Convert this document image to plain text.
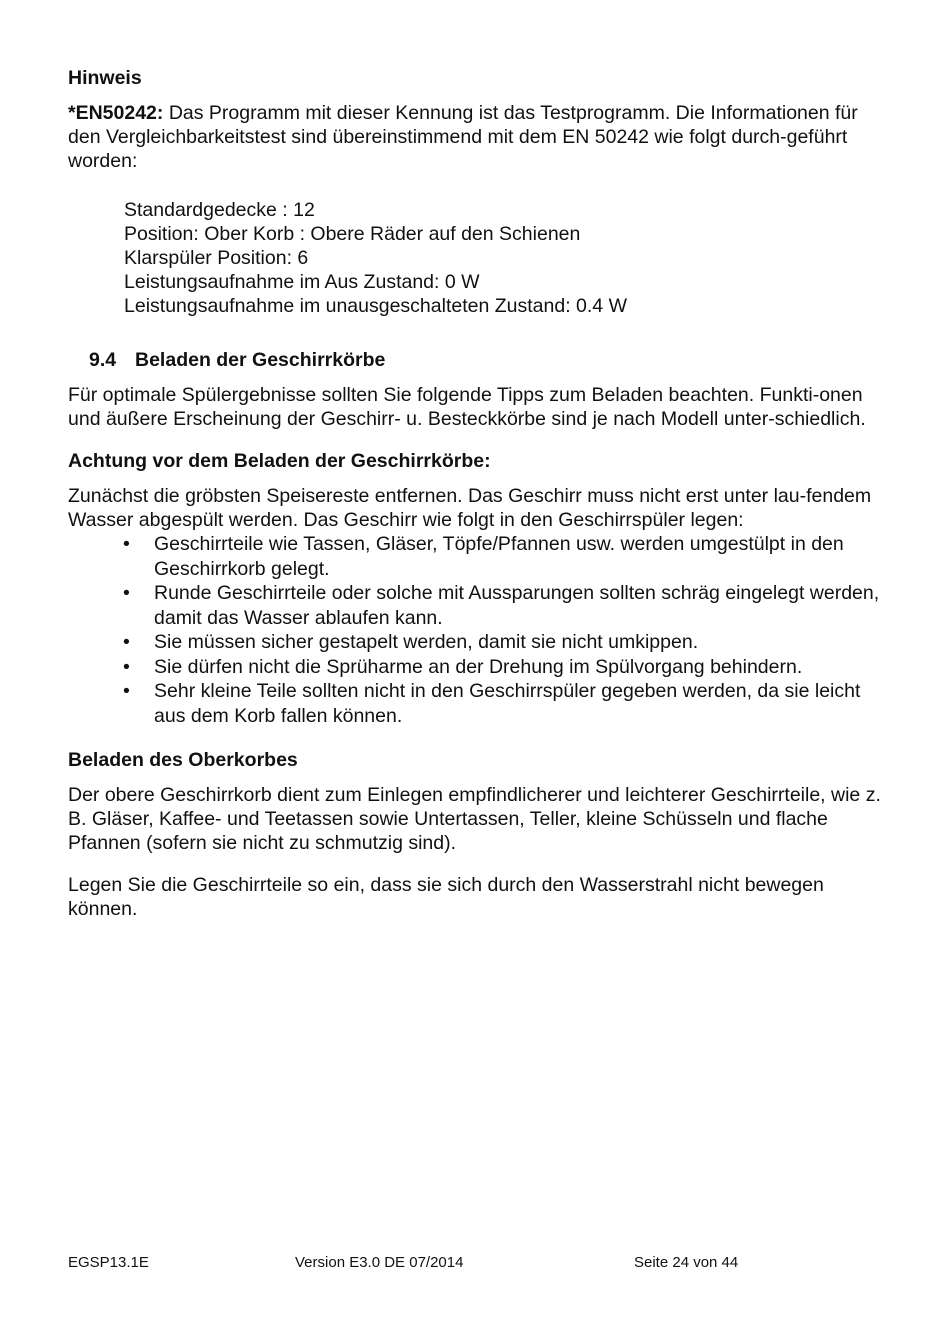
Hinweis

*EN50242: Das Programm mit dieser Kennung ist das Testprogramm. Die Informationen für den Vergleichbarkeitstest sind übereinstimmend mit dem EN 50242 wie folgt durch-geführt worden:

Standardgedecke : 12
Position: Ober Korb : Obere Räder auf den Schienen
Klarspüler Position: 6
Leistungsaufnahme im Aus Zustand: 0 W
Leistungsaufnahme im unausgeschalteten Zustand: 0.4 W

9.4 Beladen der Geschirrkörbe

Für optimale Spülergebnisse sollten Sie folgende Tipps zum Beladen beachten. Funkti-onen und äußere Erscheinung der Geschirr- u. Besteckkörbe sind je nach Modell unter-schiedlich.

Achtung vor dem Beladen der Geschirrkörbe:

Zunächst die gröbsten Speisereste entfernen. Das Geschirr muss nicht erst unter lau-fendem Wasser abgespült werden. Das Geschirr wie folgt in den Geschirrspüler legen:

• Geschirrteile wie Tassen, Gläser, Töpfe/Pfannen usw. werden umgestülpt in den Geschirrkorb gelegt.
• Runde Geschirrteile oder solche mit Aussparungen sollten schräg eingelegt werden, damit das Wasser ablaufen kann.
• Sie müssen sicher gestapelt werden, damit sie nicht umkippen.
• Sie dürfen nicht die Sprüharme an der Drehung im Spülvorgang behindern.
• Sehr kleine Teile sollten nicht in den Geschirrspüler gegeben werden, da sie leicht aus dem Korb fallen können.

Beladen des Oberkorbes

Der obere Geschirrkorb dient zum Einlegen empfindlicherer und leichterer Geschirrteile, wie z. B. Gläser, Kaffee- und Teetassen sowie Untertassen, Teller, kleine Schüsseln und flache Pfannen (sofern sie nicht zu schmutzig sind).

Legen Sie die Geschirrteile so ein, dass sie sich durch den Wasserstrahl nicht bewegen können.

EGSP13.1E	Version E3.0 DE 07/2014	Seite 24 von 44
